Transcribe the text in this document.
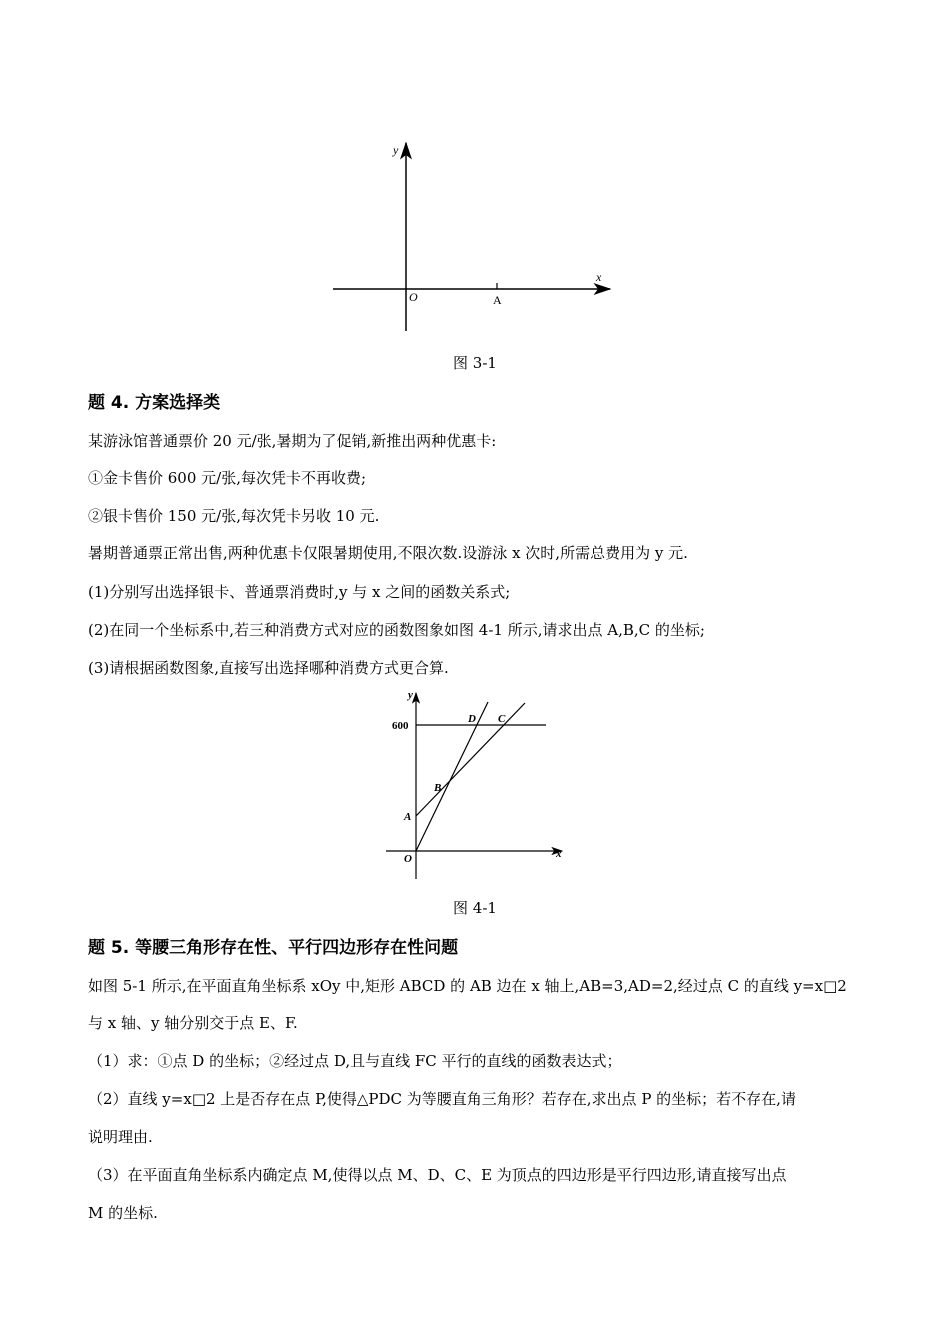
y
x
O	A
图 3-1
题 4. 方案选择类
某游泳馆普通票价 20 元/张,暑期为了促销,新推出两种优惠卡:
①金卡售价 600 元/张,每次凭卡不再收费;
②银卡售价 150 元/张,每次凭卡另收 10 元.
暑期普通票正常出售,两种优惠卡仅限暑期使用,不限次数.设游泳 x 次时,所需总费用为 y 元.
(1)分别写出选择银卡、普通票消费时,y 与 x 之间的函数关系式;
(2)在同一个坐标系中,若三种消费方式对应的函数图象如图 4-1 所示,请求出点 A,B,C 的坐标;
(3)请根据函数图象,直接写出选择哪种消费方式更合算.
y
x
O
600
D C
B
A
图 4-1
题 5. 等腰三角形存在性、平行四边形存在性问题
如图 5-1 所示,在平面直角坐标系 xOy 中,矩形 ABCD 的 AB 边在 x 轴上,AB=3,AD=2,经过点 C 的直线 y=x□2
与 x 轴、y 轴分别交于点 E、F.
（1）求：①点 D 的坐标；②经过点 D,且与直线 FC 平行的直线的函数表达式；
（2）直线 y=x□2 上是否存在点 P,使得△PDC 为等腰直角三角形？若存在,求出点 P 的坐标；若不存在,请
说明理由.
（3）在平面直角坐标系内确定点 M,使得以点 M、D、C、E 为顶点的四边形是平行四边形,请直接写出点
M 的坐标.
